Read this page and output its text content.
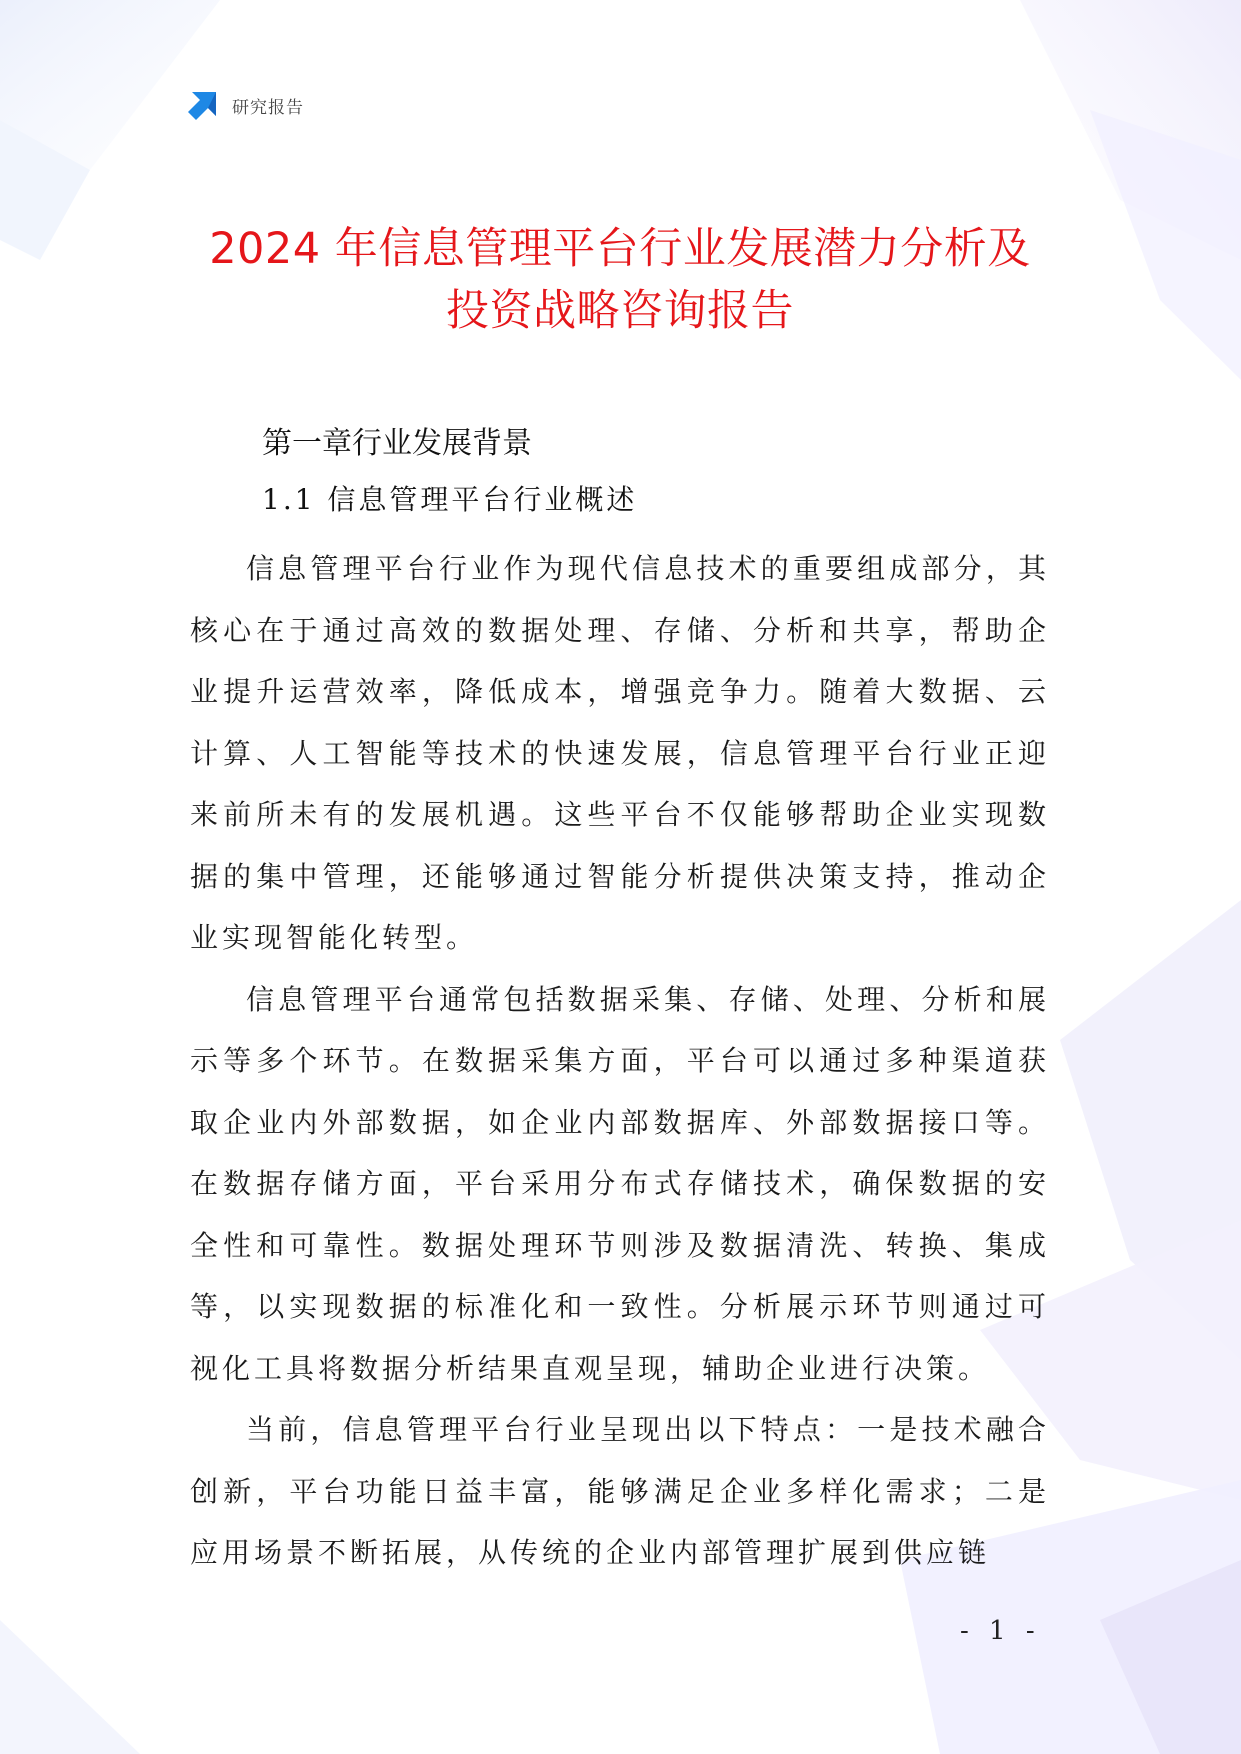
研究报告
2024 年信息管理平台行业发展潜力分析及
投资战略咨询报告
第一章行业发展背景
1.1 信息管理平台行业概述

信息管理平台行业作为现代信息技术的重要组成部分，其核心在于通过高效的数据处理、存储、分析和共享，帮助企业提升运营效率，降低成本，增强竞争力。随着大数据、云计算、人工智能等技术的快速发展，信息管理平台行业正迎来前所未有的发展机遇。这些平台不仅能够帮助企业实现数据的集中管理，还能够通过智能分析提供决策支持，推动企业实现智能化转型。

信息管理平台通常包括数据采集、存储、处理、分析和展示等多个环节。在数据采集方面，平台可以通过多种渠道获取企业内外部数据，如企业内部数据库、外部数据接口等。在数据存储方面，平台采用分布式存储技术，确保数据的安全性和可靠性。数据处理环节则涉及数据清洗、转换、集成等，以实现数据的标准化和一致性。分析展示环节则通过可视化工具将数据分析结果直观呈现，辅助企业进行决策。

当前，信息管理平台行业呈现出以下特点：一是技术融合创新，平台功能日益丰富，能够满足企业多样化需求；二是应用场景不断拓展，从传统的企业内部管理扩展到供应链

- 1 -
